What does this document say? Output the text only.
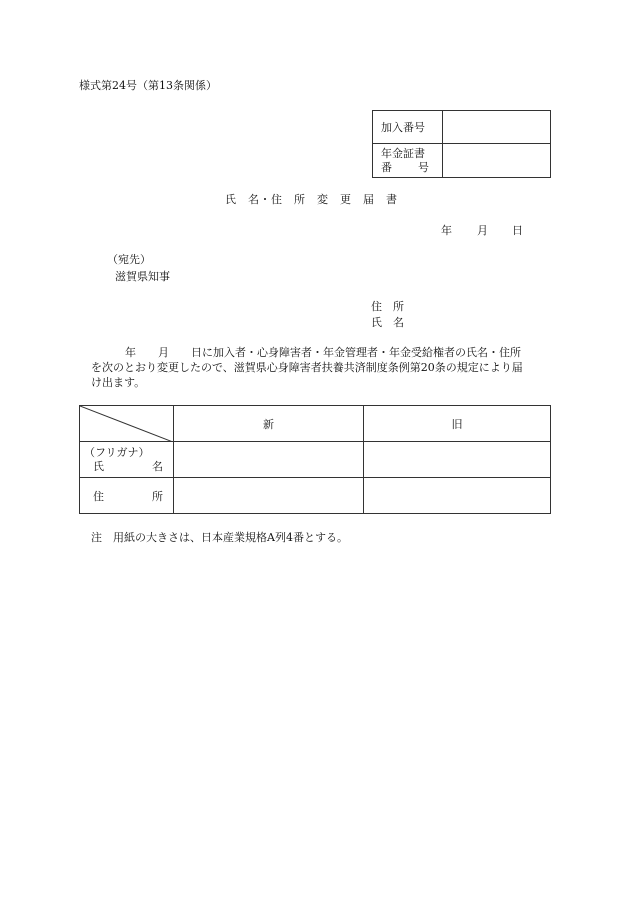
様式第24号（第13条関係）
加入番号	

年金証書
番 号	

氏　名・住　所　変　更　届　書
年 月 日
（宛先）
滋賀県知事
住　所
氏　名
年　　月　　日に加入者・心身障害者・年金管理者・年金受給権者の氏名・住所
を次のとおり変更したので、滋賀県心身障害者扶養共済制度条例第20条の規定により届
け出ます。
	新	旧

（フリガナ）
氏 名		

住 所		

注　用紙の大きさは、日本産業規格A列4番とする。
